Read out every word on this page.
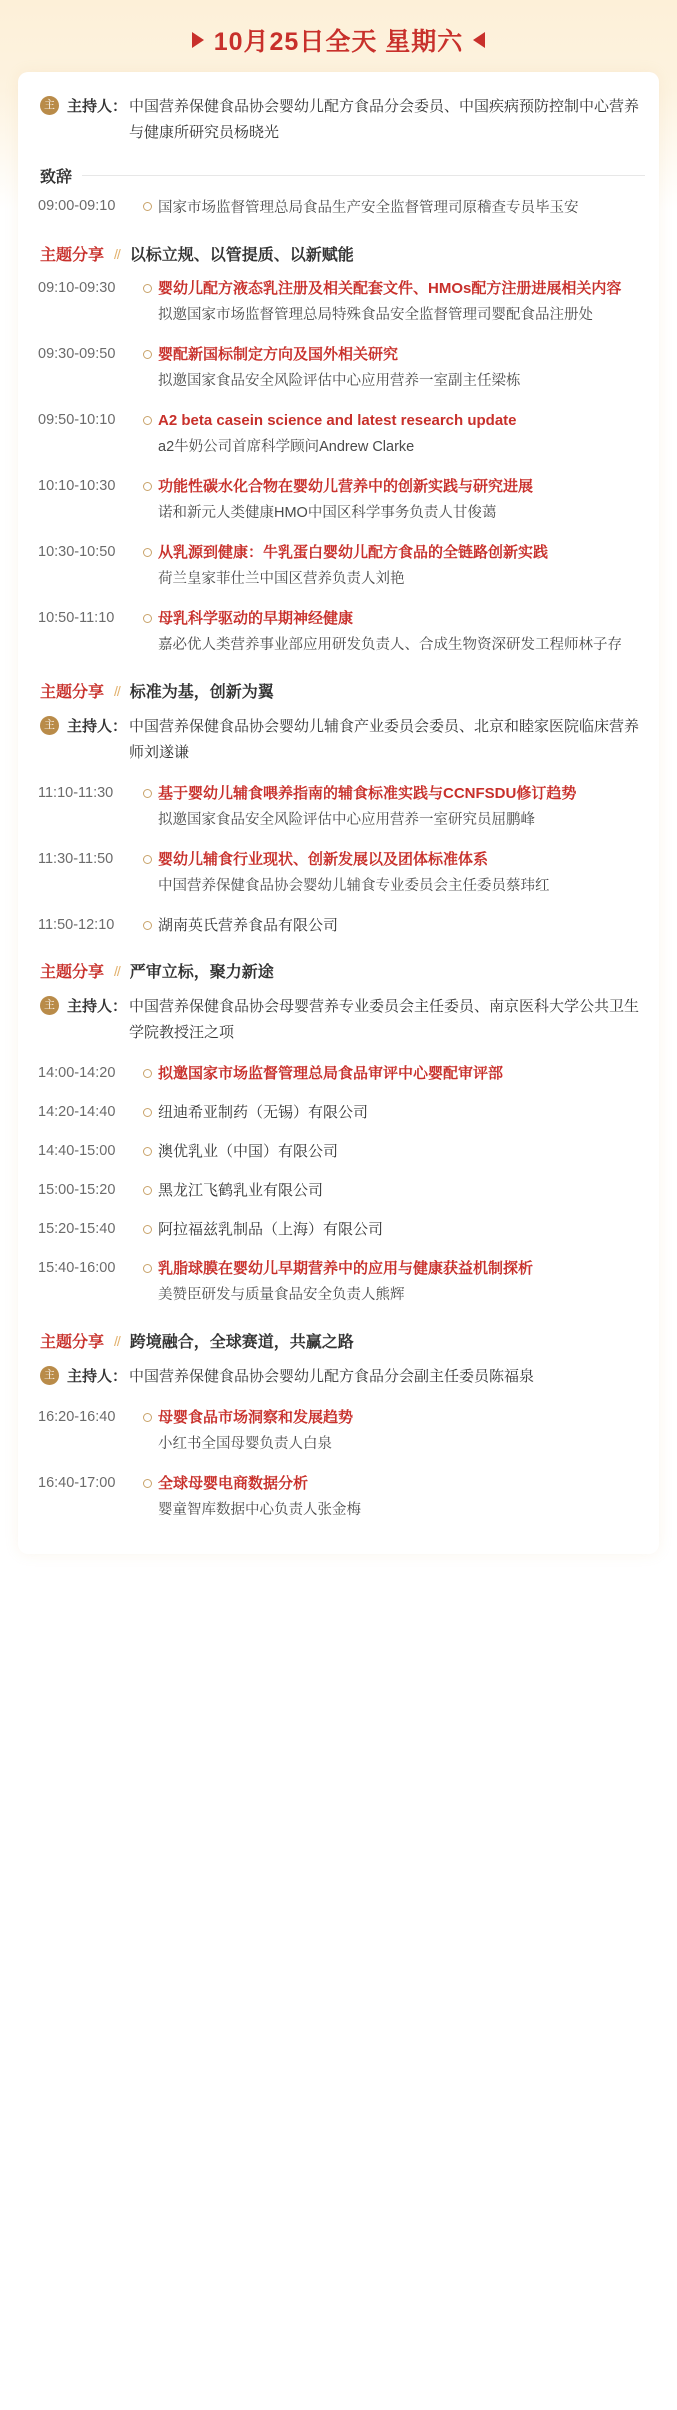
10月25日全天 星期六
主 主持人： 中国营养保健食品协会婴幼儿配方食品分会委员、中国疾病预防控制中心营养与健康所研究员杨晓光
致辞
09:00-09:10	国家市场监督管理总局食品生产安全监督管理司原稽查专员毕玉安
主题分享 // 以标立规、以管提质、以新赋能
09:10-09:30	婴幼儿配方液态乳注册及相关配套文件、HMOs配方注册进展相关内容
拟邀国家市场监督管理总局特殊食品安全监督管理司婴配食品注册处
09:30-09:50	婴配新国标制定方向及国外相关研究
拟邀国家食品安全风险评估中心应用营养一室副主任梁栋
09:50-10:10	A2 beta casein science and latest research update
a2牛奶公司首席科学顾问Andrew Clarke
10:10-10:30	功能性碳水化合物在婴幼儿营养中的创新实践与研究进展
诺和新元人类健康HMO中国区科学事务负责人甘俊蔼
10:30-10:50	从乳源到健康：牛乳蛋白婴幼儿配方食品的全链路创新实践
荷兰皇家菲仕兰中国区营养负责人刘艳
10:50-11:10	母乳科学驱动的早期神经健康
嘉必优人类营养事业部应用研发负责人、合成生物资深研发工程师林子存
主题分享 // 标准为基，创新为翼
主 主持人： 中国营养保健食品协会婴幼儿辅食产业委员会委员、北京和睦家医院临床营养师刘遂谦
11:10-11:30	基于婴幼儿辅食喂养指南的辅食标准实践与CCNFSDU修订趋势
拟邀国家食品安全风险评估中心应用营养一室研究员屈鹏峰
11:30-11:50	婴幼儿辅食行业现状、创新发展以及团体标准体系
中国营养保健食品协会婴幼儿辅食专业委员会主任委员蔡玮红
11:50-12:10	湖南英氏营养食品有限公司
主题分享 // 严审立标，聚力新途
主 主持人： 中国营养保健食品协会母婴营养专业委员会主任委员、南京医科大学公共卫生学院教授汪之项
14:00-14:20	拟邀国家市场监督管理总局食品审评中心婴配审评部
14:20-14:40	纽迪希亚制药（无锡）有限公司
14:40-15:00	澳优乳业（中国）有限公司
15:00-15:20	黑龙江飞鹤乳业有限公司
15:20-15:40	阿拉福兹乳制品（上海）有限公司
15:40-16:00	乳脂球膜在婴幼儿早期营养中的应用与健康获益机制探析
美赞臣研发与质量食品安全负责人熊辉
主题分享 // 跨境融合，全球赛道，共赢之路
主 主持人： 中国营养保健食品协会婴幼儿配方食品分会副主任委员陈福泉
16:20-16:40	母婴食品市场洞察和发展趋势
小红书全国母婴负责人白泉
16:40-17:00	全球母婴电商数据分析
婴童智库数据中心负责人张金梅
